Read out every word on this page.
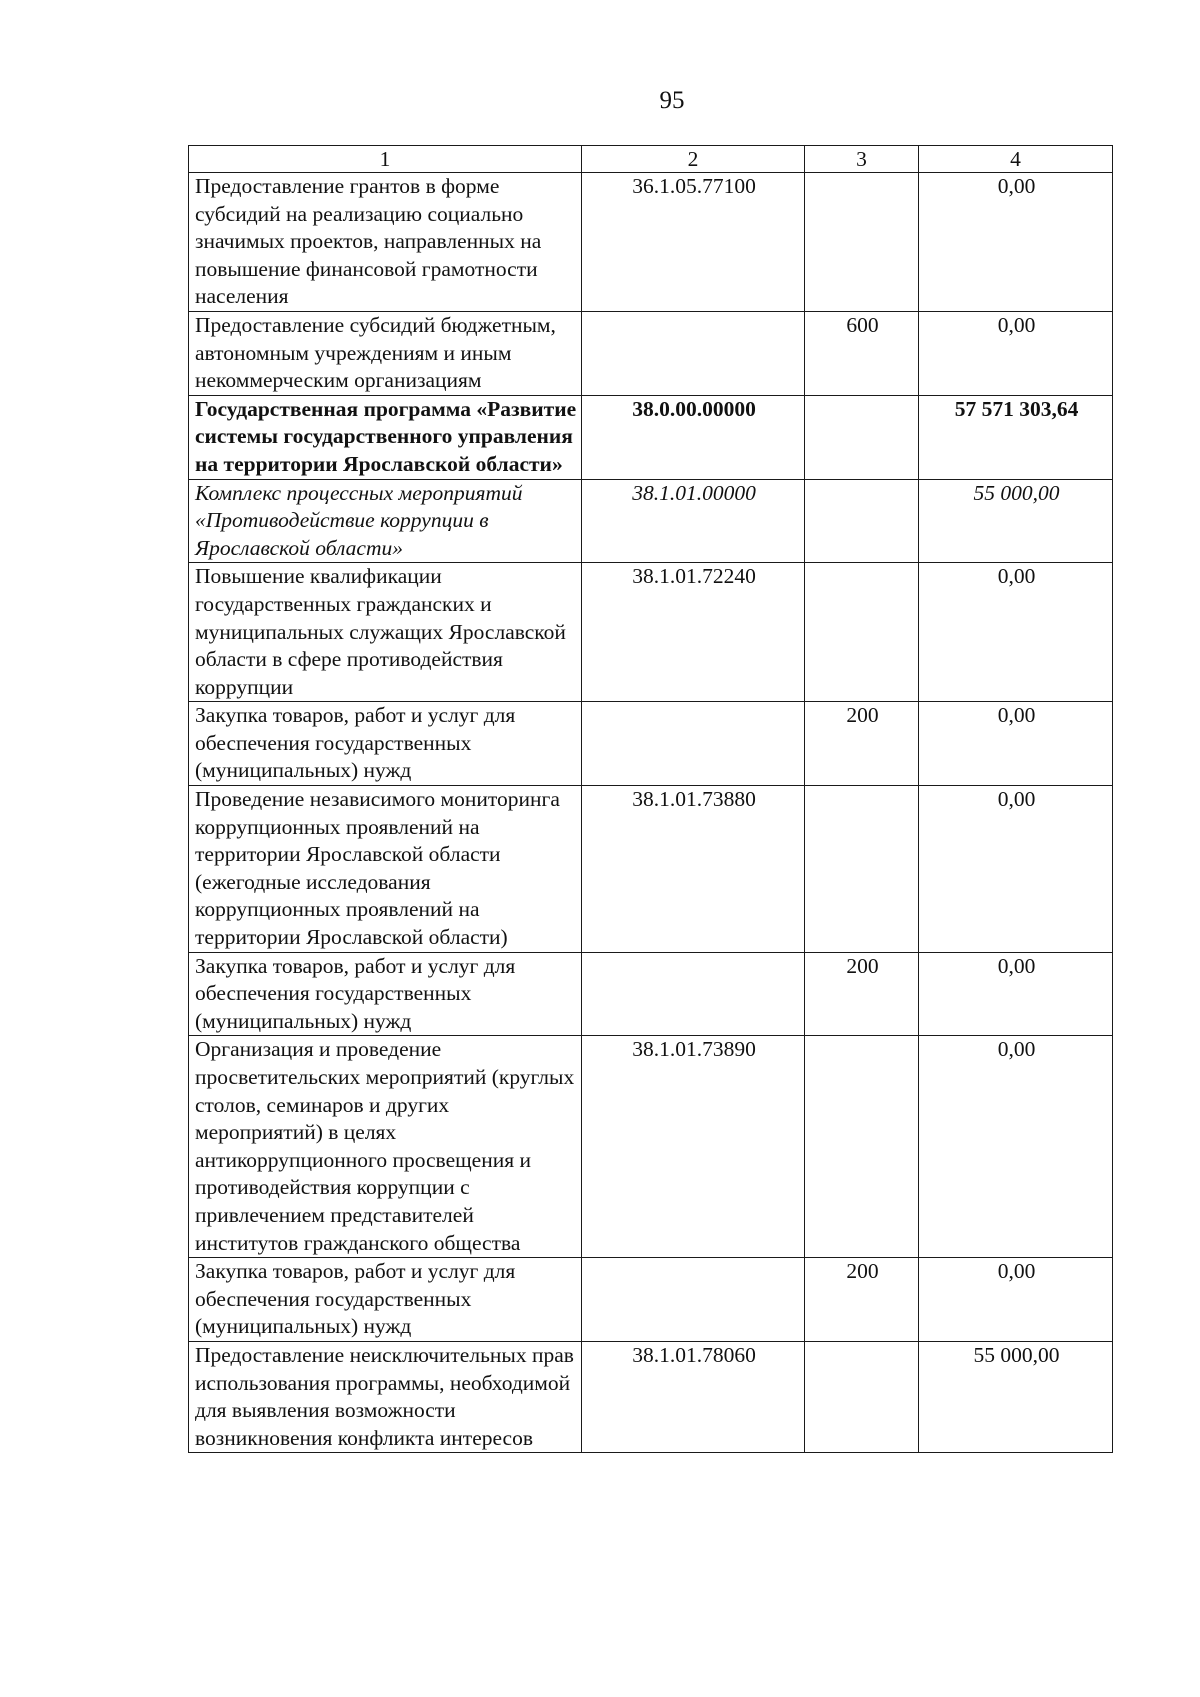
95
1	2	3	4
Предоставление грантов в форме субсидий на реализацию социально значимых проектов, направленных на повышение финансовой грамотности населения	36.1.05.77100		0,00
Предоставление субсидий бюджетным, автономным учреждениям и иным некоммерческим организациям		600	0,00
Государственная программа «Развитие системы государственного управления на территории Ярославской области»	38.0.00.00000		57 571 303,64
Комплекс процессных мероприятий «Противодействие коррупции в Ярославской области»	38.1.01.00000		55 000,00
Повышение квалификации государственных гражданских и муниципальных служащих Ярославской области в сфере противодействия коррупции	38.1.01.72240		0,00
Закупка товаров, работ и услуг для обеспечения государственных (муниципальных) нужд		200	0,00
Проведение независимого мониторинга коррупционных проявлений на территории Ярославской области (ежегодные исследования коррупционных проявлений на территории Ярославской области)	38.1.01.73880		0,00
Закупка товаров, работ и услуг для обеспечения государственных (муниципальных) нужд		200	0,00
Организация и проведение просветительских мероприятий (круглых столов, семинаров и других мероприятий) в целях антикоррупционного просвещения и противодействия коррупции с привлечением представителей институтов гражданского общества	38.1.01.73890		0,00
Закупка товаров, работ и услуг для обеспечения государственных (муниципальных) нужд		200	0,00
Предоставление неисключительных прав использования программы, необходимой для выявления возможности возникновения конфликта интересов	38.1.01.78060		55 000,00
